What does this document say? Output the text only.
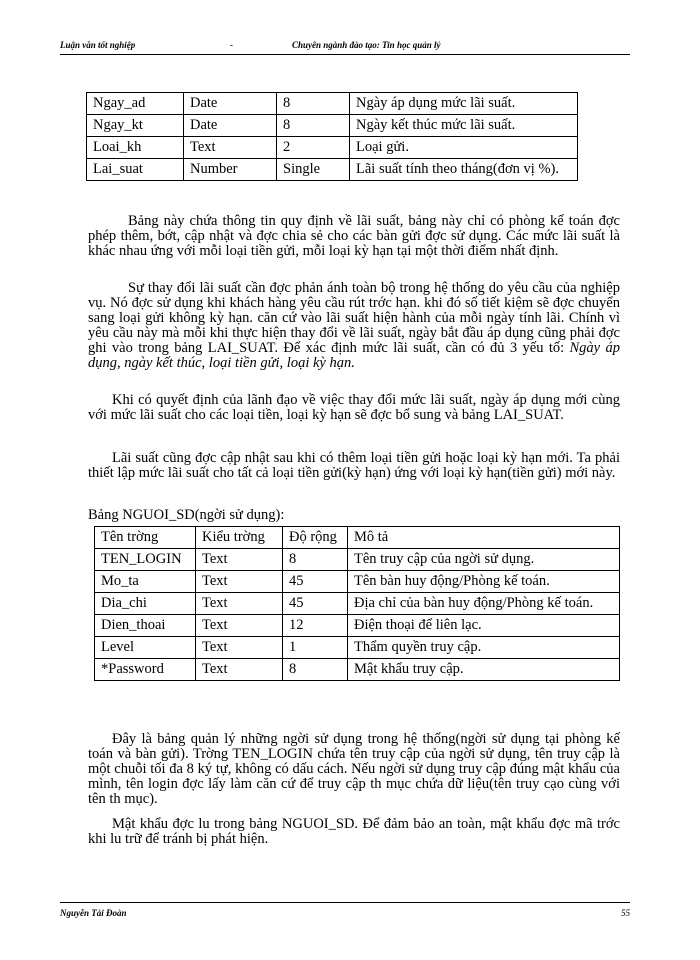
Luận văn tốt nghiệp	-	Chuyên ngành đào tạo: Tin học quản lý
Ngay_ad	Date	8	Ngày áp dụng mức lãi suất.
Ngay_kt	Date	8	Ngày kết thúc mức lãi suất.
Loai_kh	Text	2	Loại gửi.
Lai_suat	Number	Single	Lãi suất tính theo tháng(đơn vị %).

Bảng này chứa thông tin quy định về lãi suất, bảng này chỉ có phòng kế toán đợc phép thêm, bớt, cập nhật và đợc chia sẻ cho các bàn gửi đợc sử dụng. Các mức lãi suất là khác nhau ứng với mỗi loại tiền gửi, mỗi loại kỳ hạn tại một thời điểm nhất định.

Sự thay đổi lãi suất cần đợc phản ánh toàn bộ trong hệ thống do yêu cầu của nghiệp vụ. Nó đợc sử dụng khi khách hàng yêu cầu rút trớc hạn. khi đó số tiết kiệm sẽ đợc chuyển sang loại gửi không kỳ hạn. căn cứ vào lãi suất hiện hành của mỗi ngày tính lãi. Chính vì yêu cầu này mà mỗi khi thực hiện thay đổi về lãi suất, ngày bắt đầu áp dụng cũng phải đợc ghi vào trong bảng LAI_SUAT. Để xác định mức lãi suất, cần có đủ 3 yếu tố: Ngày áp dụng, ngày kết thúc, loại tiền gửi, loại kỳ hạn.

Khi có quyết định của lãnh đạo về việc thay đổi mức lãi suất, ngày áp dụng mới cùng với mức lãi suất cho các loại tiền, loại kỳ hạn sẽ đợc bổ sung và bảng LAI_SUAT.

Lãi suất cũng đợc cập nhật sau khi có thêm loại tiền gửi hoặc loại kỳ hạn mới. Ta phải thiết lập mức lãi suất cho tất cả loại tiền gửi(kỳ hạn) ứng với loại kỳ hạn(tiền gửi) mới này.

Bảng NGUOI_SD(ngời sử dụng):

Tên trờng	Kiểu trờng	Độ rộng	Mô tả
TEN_LOGIN	Text	8	Tên truy cập của ngời sử dụng.
Mo_ta	Text	45	Tên bàn huy động/Phòng kế toán.
Dia_chi	Text	45	Địa chỉ của bàn huy động/Phòng kế toán.
Dien_thoai	Text	12	Điện thoại để liên lạc.
Level	Text	1	Thẩm quyền truy cập.
*Password	Text	8	Mật khẩu truy cập.

Đây là bảng quản lý những ngời sử dụng trong hệ thống(ngời sử dụng tại phòng kế toán và bàn gửi). Trờng TEN_LOGIN chứa tên truy cập của ngời sử dụng, tên truy cập là một chuỗi tối đa 8 ký tự, không có dấu cách. Nếu ngời sử dụng truy cập đúng mật khẩu của mình, tên login đợc lấy làm căn cứ để truy cập th mục chứa dữ liệu(tên truy cạo cùng với tên th mục).

Mật khẩu đợc lu trong bảng NGUOI_SD. Để đảm bảo an toàn, mật khẩu đợc mã trớc khi lu trữ để tránh bị phát hiện.

Nguyễn Tài Đoàn	55
